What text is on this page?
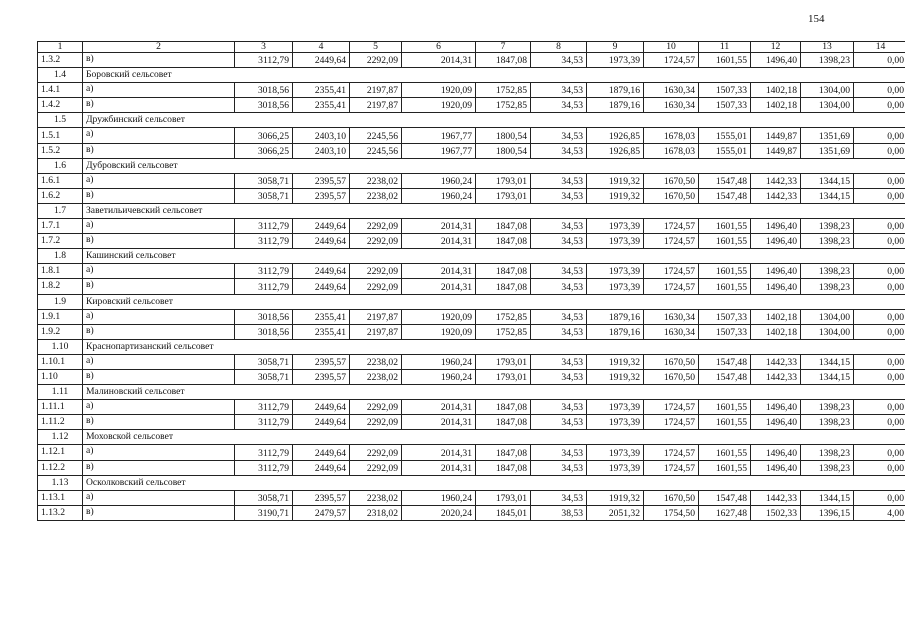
154
1	2	3	4	5	6	7	8	9	10	11	12	13	14
1.3.2	в)	3112,79	2449,64	2292,09	2014,31	1847,08	34,53	1973,39	1724,57	1601,55	1496,40	1398,23	0,00
1.4	Боровский сельсовет												
1.4.1	а)	3018,56	2355,41	2197,87	1920,09	1752,85	34,53	1879,16	1630,34	1507,33	1402,18	1304,00	0,00
1.4.2	в)	3018,56	2355,41	2197,87	1920,09	1752,85	34,53	1879,16	1630,34	1507,33	1402,18	1304,00	0,00
1.5	Дружбинский сельсовет												
1.5.1	а)	3066,25	2403,10	2245,56	1967,77	1800,54	34,53	1926,85	1678,03	1555,01	1449,87	1351,69	0,00
1.5.2	в)	3066,25	2403,10	2245,56	1967,77	1800,54	34,53	1926,85	1678,03	1555,01	1449,87	1351,69	0,00
1.6	Дубровский сельсовет												
1.6.1	а)	3058,71	2395,57	2238,02	1960,24	1793,01	34,53	1919,32	1670,50	1547,48	1442,33	1344,15	0,00
1.6.2	в)	3058,71	2395,57	2238,02	1960,24	1793,01	34,53	1919,32	1670,50	1547,48	1442,33	1344,15	0,00
1.7	Заветильичевский сельсовет												
1.7.1	а)	3112,79	2449,64	2292,09	2014,31	1847,08	34,53	1973,39	1724,57	1601,55	1496,40	1398,23	0,00
1.7.2	в)	3112,79	2449,64	2292,09	2014,31	1847,08	34,53	1973,39	1724,57	1601,55	1496,40	1398,23	0,00
1.8	Кашинский сельсовет												
1.8.1	а)	3112,79	2449,64	2292,09	2014,31	1847,08	34,53	1973,39	1724,57	1601,55	1496,40	1398,23	0,00
1.8.2	в)	3112,79	2449,64	2292,09	2014,31	1847,08	34,53	1973,39	1724,57	1601,55	1496,40	1398,23	0,00
1.9	Кировский сельсовет												
1.9.1	а)	3018,56	2355,41	2197,87	1920,09	1752,85	34,53	1879,16	1630,34	1507,33	1402,18	1304,00	0,00
1.9.2	в)	3018,56	2355,41	2197,87	1920,09	1752,85	34,53	1879,16	1630,34	1507,33	1402,18	1304,00	0,00
1.10	Краснопартизанский сельсовет												
1.10.1	а)	3058,71	2395,57	2238,02	1960,24	1793,01	34,53	1919,32	1670,50	1547,48	1442,33	1344,15	0,00
1.10	в)	3058,71	2395,57	2238,02	1960,24	1793,01	34,53	1919,32	1670,50	1547,48	1442,33	1344,15	0,00
1.11	Малиновский сельсовет												
1.11.1	а)	3112,79	2449,64	2292,09	2014,31	1847,08	34,53	1973,39	1724,57	1601,55	1496,40	1398,23	0,00
1.11.2	в)	3112,79	2449,64	2292,09	2014,31	1847,08	34,53	1973,39	1724,57	1601,55	1496,40	1398,23	0,00
1.12	Моховской сельсовет												
1.12.1	а)	3112,79	2449,64	2292,09	2014,31	1847,08	34,53	1973,39	1724,57	1601,55	1496,40	1398,23	0,00
1.12.2	в)	3112,79	2449,64	2292,09	2014,31	1847,08	34,53	1973,39	1724,57	1601,55	1496,40	1398,23	0,00
1.13	Осколковский сельсовет												
1.13.1	а)	3058,71	2395,57	2238,02	1960,24	1793,01	34,53	1919,32	1670,50	1547,48	1442,33	1344,15	0,00
1.13.2	в)	3190,71	2479,57	2318,02	2020,24	1845,01	38,53	2051,32	1754,50	1627,48	1502,33	1396,15	4,00
